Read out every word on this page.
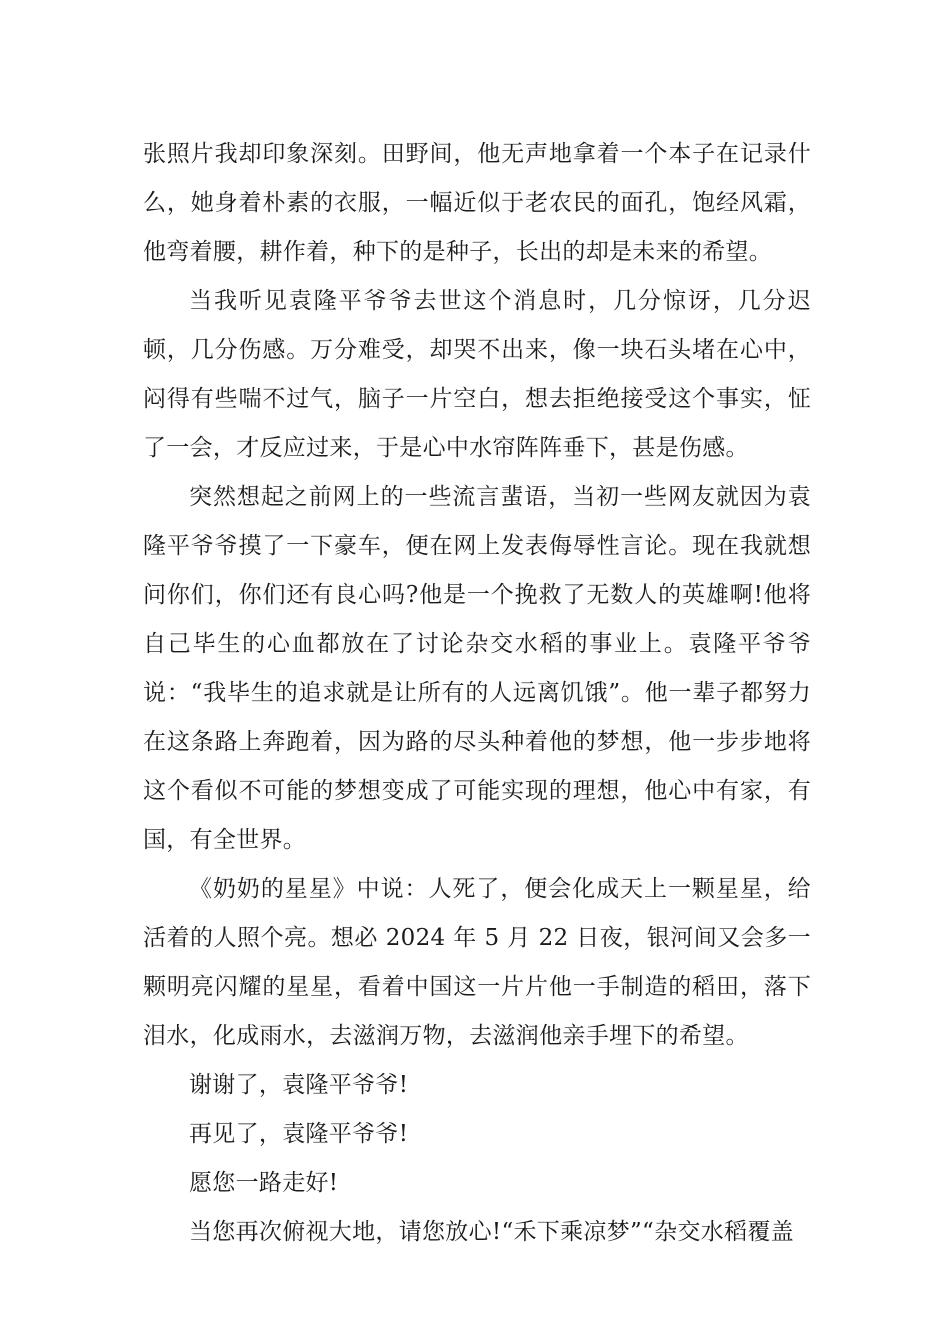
张照片我却印象深刻。田野间，他无声地拿着一个本子在记录什么，她身着朴素的衣服，一幅近似于老农民的面孔，饱经风霜，他弯着腰，耕作着，种下的是种子，长出的却是未来的希望。

当我听见袁隆平爷爷去世这个消息时，几分惊讶，几分迟顿，几分伤感。万分难受，却哭不出来，像一块石头堵在心中，闷得有些喘不过气，脑子一片空白，想去拒绝接受这个事实，怔了一会，才反应过来，于是心中水帘阵阵垂下，甚是伤感。

突然想起之前网上的一些流言蜚语，当初一些网友就因为袁隆平爷爷摸了一下豪车，便在网上发表侮辱性言论。现在我就想问你们，你们还有良心吗?他是一个挽救了无数人的英雄啊!他将自己毕生的心血都放在了讨论杂交水稻的事业上。袁隆平爷爷说：“我毕生的追求就是让所有的人远离饥饿”。他一辈子都努力在这条路上奔跑着，因为路的尽头种着他的梦想，他一步步地将这个看似不可能的梦想变成了可能实现的理想，他心中有家，有国，有全世界。

《奶奶的星星》中说：人死了，便会化成天上一颗星星，给活着的人照个亮。想必 2024 年 5 月 22 日夜，银河间又会多一颗明亮闪耀的星星，看着中国这一片片他一手制造的稻田，落下泪水，化成雨水，去滋润万物，去滋润他亲手埋下的希望。

谢谢了，袁隆平爷爷!

再见了，袁隆平爷爷!

愿您一路走好!

当您再次俯视大地，请您放心!“禾下乘凉梦”“杂交水稻覆盖
